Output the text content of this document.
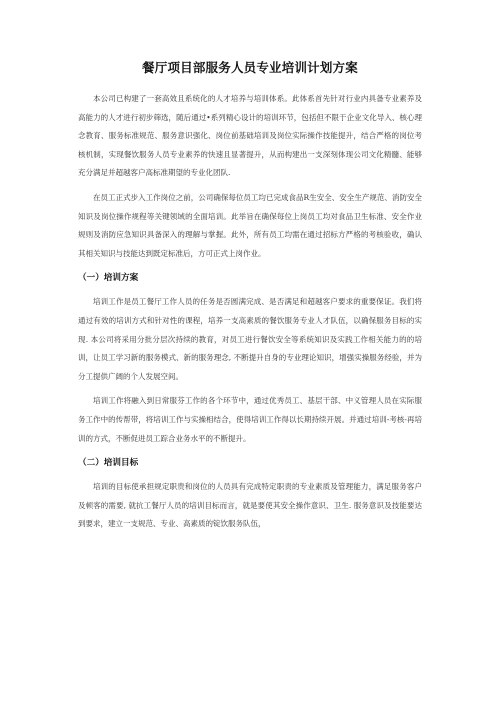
餐厅项目部服务人员专业培训计划方案

本公司已构建了一套高效且系统化的人才培养与培训体系。此体系首先针对行业内具备专业素养及高能力的人才进行初步筛选，随后通过•系列精心设计的培训环节，包括但不限于企业文化导入、核心理念教育、服务标准规范、服务意识强化、岗位前基础培训及岗位实际操作技能提升，结合严格的岗位考核机制，实现餐饮服务人员专业素养的快速且显著提升，从而构建出一支深刻体现公司文化精髓、能够充分满足并超越客户高标准期望的专业化团队.

在员工正式步入工作岗位之前，公司确保每位员工均已完成食品R生安全、安全生产规范、消防安全知识及岗位操作规程等关键领域的全面培训。此举旨在确保每位上岗员工均对食品卫生标准、安全作业规则及消防应急知识具备深入的理解与掌握。此外，所有员工均需在通过招标方严格的考核验收，确认其相关知识与技能达到既定标准后，方可正式上岗作业。

（一）培训方案

培训工作是员工餐厅工作人员的任务是否圆满完成、是否满足和超越客户要求的重要保证。我们将通过有效的培训方式和针对性的课程，培养一支高素质的餐饮服务专业人才队伍，以确保服务目标的实现. 本公司将采用分批分层次持续的教育，对员工进行餐饮安全等系统知识及实践工作相关能力的的培训，让员工学习新的服务模式、新的服务理念, 不断提升自身的专业理论知识，增强实操服务经验，并为分工提供广阔的个人发展空间。

培训工作将融入到日常服芬工作的各个环节中，通过优秀员工、基层干部、中义管理人员在实际服务工作中的传帮带，将培训工作与实操相结合，使得培训工作得以长期持续开展。并通过培训-考核-再培训的方式，不断促进员工踪合业务水平的不断提升。

（二）培训目标

培训的目标使承担规定职贵和岗位的人员具有完成特定职责的专业素质及管理能力，满足服务客户及顿客的需要, 就抗工餐厅人员的培训目标而言，就是要使其安全操作意识、卫生. 服务意识及技能要达到要求，建立一支规范、专业、高素质的锭饮服务队伍，
